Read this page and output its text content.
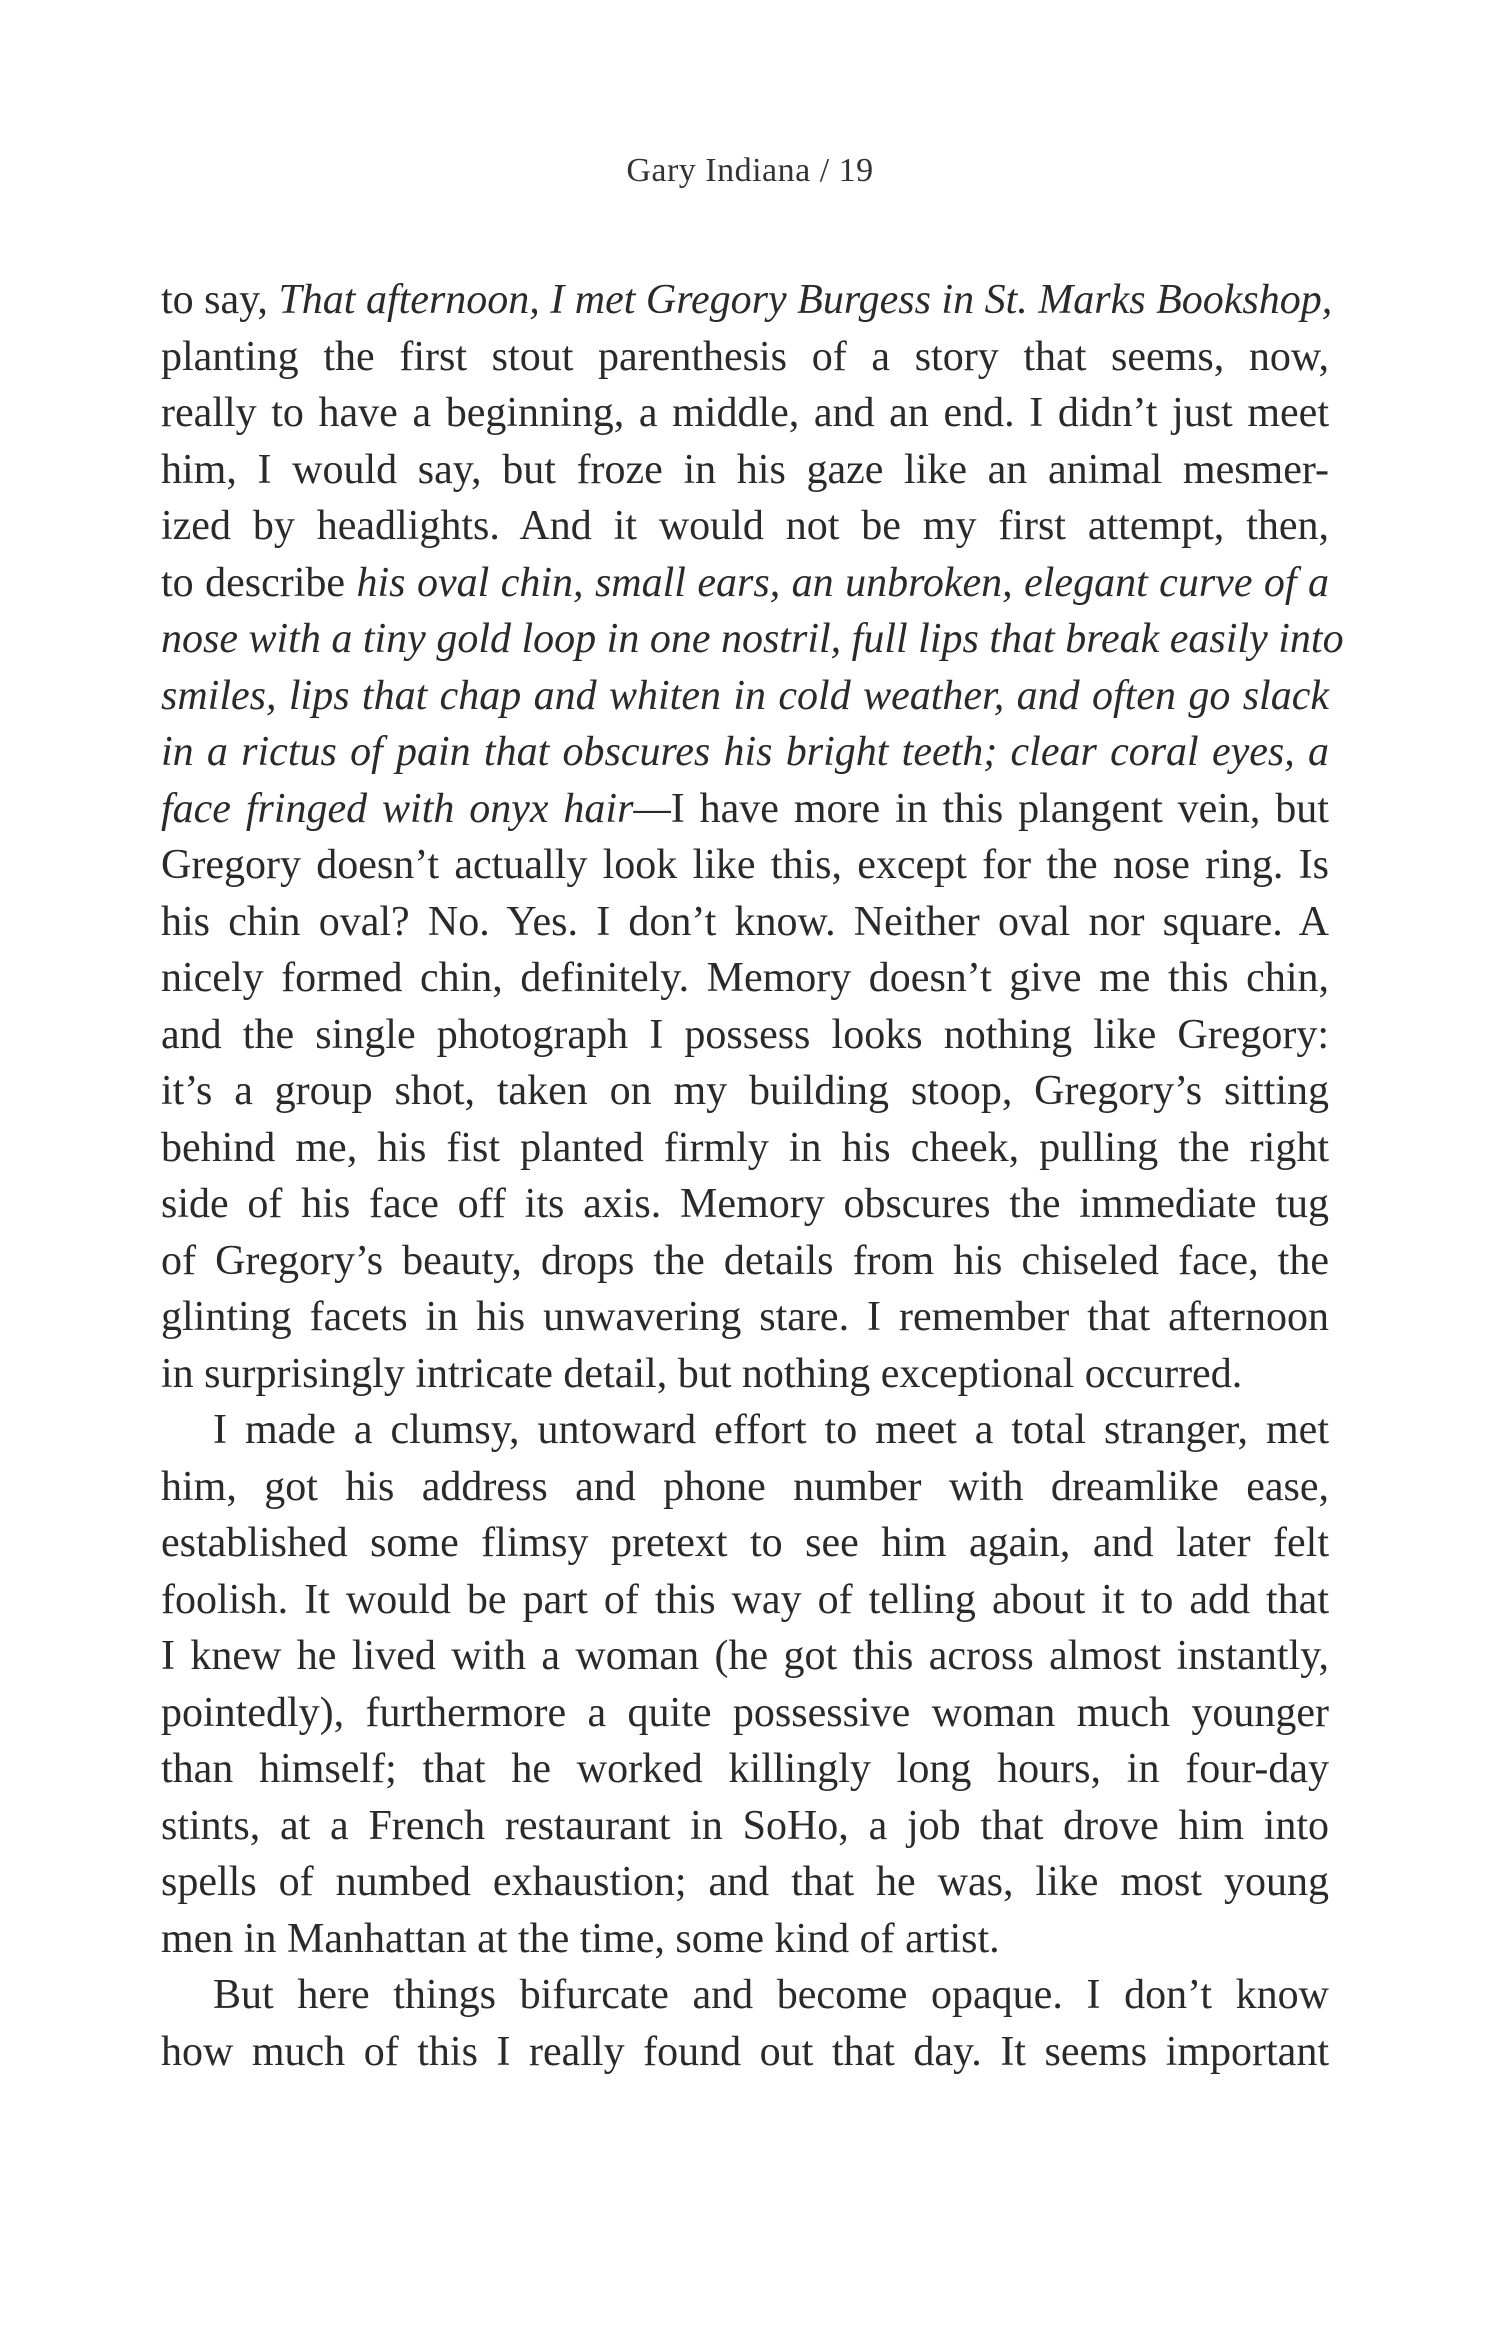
Gary Indiana / 19
to say, That afternoon, I met Gregory Burgess in St. Marks Bookshop,
planting the first stout parenthesis of a story that seems, now,
really to have a beginning, a middle, and an end. I didn’t just meet
him, I would say, but froze in his gaze like an animal mesmer-
ized by headlights. And it would not be my first attempt, then,
to describe his oval chin, small ears, an unbroken, elegant curve of a
nose with a tiny gold loop in one nostril, full lips that break easily into
smiles, lips that chap and whiten in cold weather, and often go slack
in a rictus of pain that obscures his bright teeth; clear coral eyes, a
face fringed with onyx hair—I have more in this plangent vein, but
Gregory doesn’t actually look like this, except for the nose ring. Is
his chin oval? No. Yes. I don’t know. Neither oval nor square. A
nicely formed chin, definitely. Memory doesn’t give me this chin,
and the single photograph I possess looks nothing like Gregory:
it’s a group shot, taken on my building stoop, Gregory’s sitting
behind me, his fist planted firmly in his cheek, pulling the right
side of his face off its axis. Memory obscures the immediate tug
of Gregory’s beauty, drops the details from his chiseled face, the
glinting facets in his unwavering stare. I remember that afternoon
in surprisingly intricate detail, but nothing exceptional occurred.
I made a clumsy, untoward effort to meet a total stranger, met
him, got his address and phone number with dreamlike ease,
established some flimsy pretext to see him again, and later felt
foolish. It would be part of this way of telling about it to add that
I knew he lived with a woman (he got this across almost instantly,
pointedly), furthermore a quite possessive woman much younger
than himself; that he worked killingly long hours, in four-day
stints, at a French restaurant in SoHo, a job that drove him into
spells of numbed exhaustion; and that he was, like most young
men in Manhattan at the time, some kind of artist.
But here things bifurcate and become opaque. I don’t know
how much of this I really found out that day. It seems important
